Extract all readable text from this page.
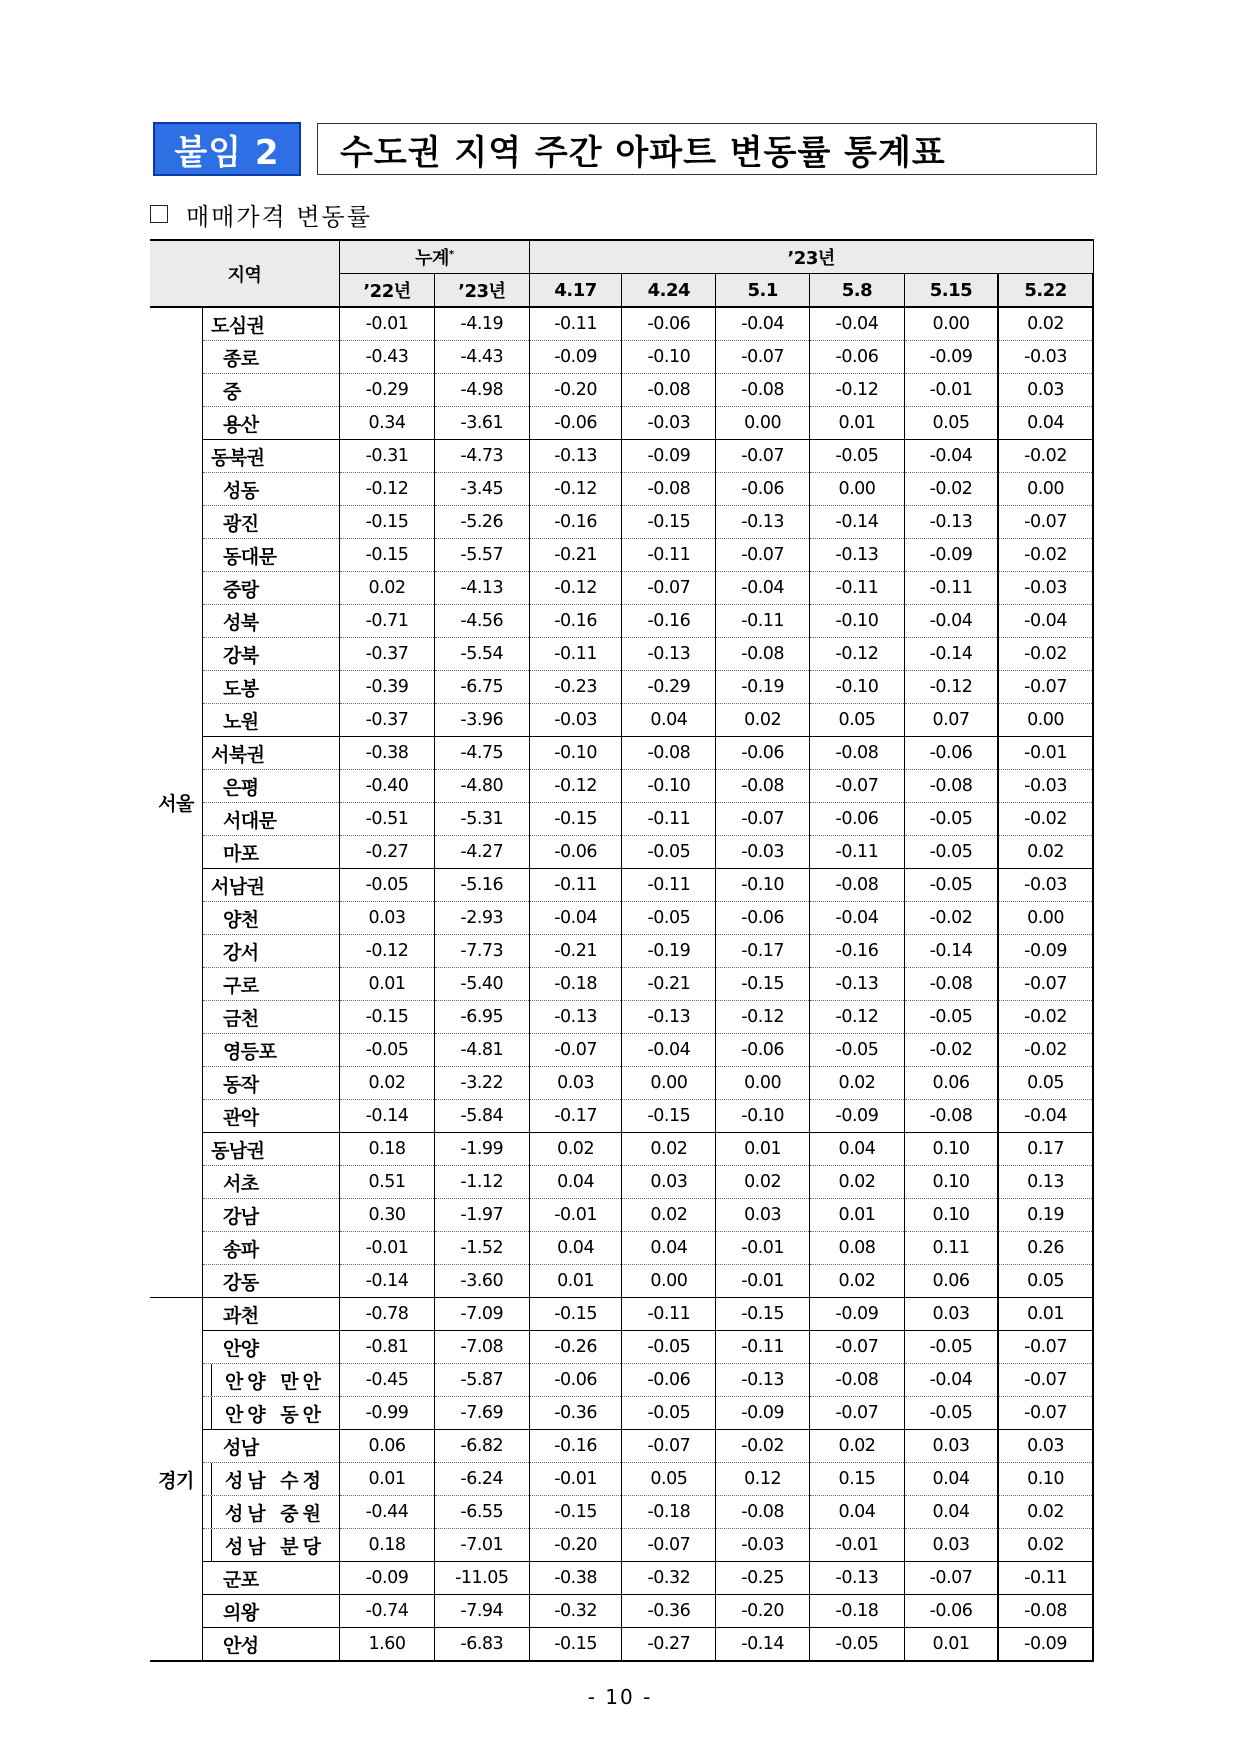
붙임 2 수도권 지역 주간 아파트 변동률 통계표
매매가격 변동률
지역		누계*		’23년					
		’22년	’23년	4.17	4.24	5.1	5.8	5.15	5.22
서울	도심권	-0.01	-4.19	-0.11	-0.06	-0.04	-0.04	0.00	0.02
	종로	-0.43	-4.43	-0.09	-0.10	-0.07	-0.06	-0.09	-0.03
	중	-0.29	-4.98	-0.20	-0.08	-0.08	-0.12	-0.01	0.03
	용산	0.34	-3.61	-0.06	-0.03	0.00	0.01	0.05	0.04
	동북권	-0.31	-4.73	-0.13	-0.09	-0.07	-0.05	-0.04	-0.02
	성동	-0.12	-3.45	-0.12	-0.08	-0.06	0.00	-0.02	0.00
	광진	-0.15	-5.26	-0.16	-0.15	-0.13	-0.14	-0.13	-0.07
	동대문	-0.15	-5.57	-0.21	-0.11	-0.07	-0.13	-0.09	-0.02
	중랑	0.02	-4.13	-0.12	-0.07	-0.04	-0.11	-0.11	-0.03
	성북	-0.71	-4.56	-0.16	-0.16	-0.11	-0.10	-0.04	-0.04
	강북	-0.37	-5.54	-0.11	-0.13	-0.08	-0.12	-0.14	-0.02
	도봉	-0.39	-6.75	-0.23	-0.29	-0.19	-0.10	-0.12	-0.07
	노원	-0.37	-3.96	-0.03	0.04	0.02	0.05	0.07	0.00
	서북권	-0.38	-4.75	-0.10	-0.08	-0.06	-0.08	-0.06	-0.01
	은평	-0.40	-4.80	-0.12	-0.10	-0.08	-0.07	-0.08	-0.03
	서대문	-0.51	-5.31	-0.15	-0.11	-0.07	-0.06	-0.05	-0.02
	마포	-0.27	-4.27	-0.06	-0.05	-0.03	-0.11	-0.05	0.02
	서남권	-0.05	-5.16	-0.11	-0.11	-0.10	-0.08	-0.05	-0.03
	양천	0.03	-2.93	-0.04	-0.05	-0.06	-0.04	-0.02	0.00
	강서	-0.12	-7.73	-0.21	-0.19	-0.17	-0.16	-0.14	-0.09
	구로	0.01	-5.40	-0.18	-0.21	-0.15	-0.13	-0.08	-0.07
	금천	-0.15	-6.95	-0.13	-0.13	-0.12	-0.12	-0.05	-0.02
	영등포	-0.05	-4.81	-0.07	-0.04	-0.06	-0.05	-0.02	-0.02
	동작	0.02	-3.22	0.03	0.00	0.00	0.02	0.06	0.05
	관악	-0.14	-5.84	-0.17	-0.15	-0.10	-0.09	-0.08	-0.04
	동남권	0.18	-1.99	0.02	0.02	0.01	0.04	0.10	0.17
	서초	0.51	-1.12	0.04	0.03	0.02	0.02	0.10	0.13
	강남	0.30	-1.97	-0.01	0.02	0.03	0.01	0.10	0.19
	송파	-0.01	-1.52	0.04	0.04	-0.01	0.08	0.11	0.26
	강동	-0.14	-3.60	0.01	0.00	-0.01	0.02	0.06	0.05
경기	과천	-0.78	-7.09	-0.15	-0.11	-0.15	-0.09	0.03	0.01
	안양	-0.81	-7.08	-0.26	-0.05	-0.11	-0.07	-0.05	-0.07
	안양 만안	-0.45	-5.87	-0.06	-0.06	-0.13	-0.08	-0.04	-0.07
	안양 동안	-0.99	-7.69	-0.36	-0.05	-0.09	-0.07	-0.05	-0.07
	성남	0.06	-6.82	-0.16	-0.07	-0.02	0.02	0.03	0.03
	성남 수정	0.01	-6.24	-0.01	0.05	0.12	0.15	0.04	0.10
	성남 중원	-0.44	-6.55	-0.15	-0.18	-0.08	0.04	0.04	0.02
	성남 분당	0.18	-7.01	-0.20	-0.07	-0.03	-0.01	0.03	0.02
	군포	-0.09	-11.05	-0.38	-0.32	-0.25	-0.13	-0.07	-0.11
	의왕	-0.74	-7.94	-0.32	-0.36	-0.20	-0.18	-0.06	-0.08
	안성	1.60	-6.83	-0.15	-0.27	-0.14	-0.05	0.01	-0.09
- 10 -
